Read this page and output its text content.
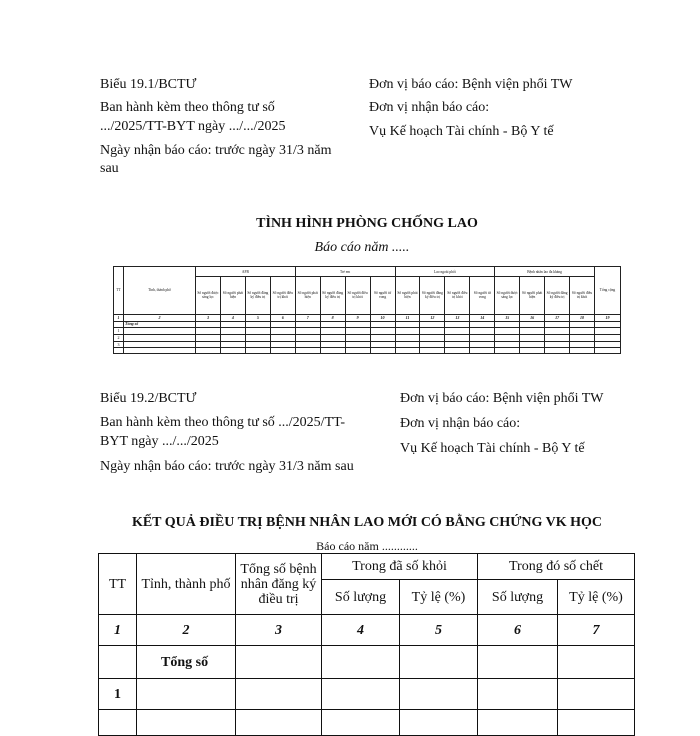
Biểu 19.1/BCTƯ
Ban hành kèm theo thông tư số
.../2025/TT-BYT ngày .../.../2025
Ngày nhận báo cáo: trước ngày 31/3 năm
sau
Đơn vị báo cáo: Bệnh viện phổi TW
Đơn vị nhận báo cáo:
Vụ Kế hoạch Tài chính - Bộ Y tế
TÌNH HÌNH PHÒNG CHỐNG LAO
Báo cáo năm .....
TT	Tỉnh, thành phố	AFB				Trẻ em				Lao ngoài phổi				Bệnh nhân lao đa kháng				Tổng cộng
		Số người được sàng lọc	Số người phát hiện	Số người đăng ký điều trị	Số người điều trị khỏi	Số người phát hiện	Số người đăng ký điều trị	Số người điều trị khỏi	Số người tử vong	Số người phát hiện	Số người đăng ký điều trị	Số người điều trị khỏi	Số người tử vong	Số người được sàng lọc	Số người phát hiện	Số người đăng ký điều trị	Số người điều trị khỏi	
1	2	3	4	5	6	7	8	9	10	11	12	13	14	15	16	17	18	19
	Tổng số																	
1																		
2																		
3																		

Biểu 19.2/BCTƯ
Ban hành kèm theo thông tư số .../2025/TT-
BYT ngày .../.../2025
Ngày nhận báo cáo: trước ngày 31/3 năm sau
Đơn vị báo cáo: Bệnh viện phổi TW
Đơn vị nhận báo cáo:
Vụ Kế hoạch Tài chính - Bộ Y tế
KẾT QUẢ ĐIỀU TRỊ BỆNH NHÂN LAO MỚI CÓ BẰNG CHỨNG VK HỌC
Báo cáo năm ............
TT	Tỉnh, thành phố	Tổng số bệnh
nhân đăng ký
điều trị	Trong đã số khỏi		Trong đó số chết	
			Số lượng	Tỷ lệ (%)	Số lượng	Tỷ lệ (%)
1	2	3	4	5	6	7
	Tổng số					
1						
